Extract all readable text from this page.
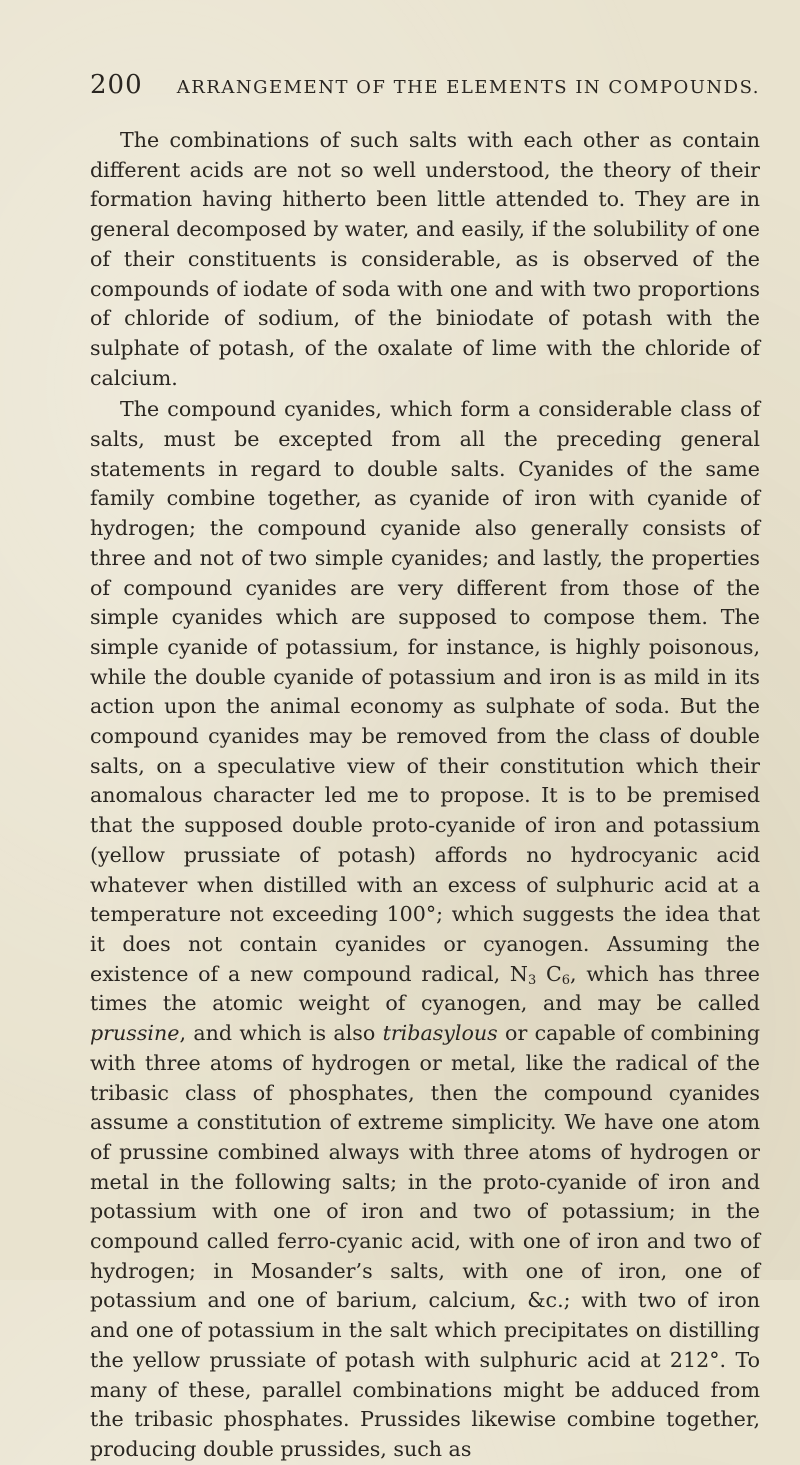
200	ARRANGEMENT OF THE ELEMENTS IN COMPOUNDS.

The combinations of such salts with each other as contain different acids are not so well understood, the theory of their formation having hitherto been little attended to. They are in general decomposed by water, and easily, if the solubility of one of their constituents is considerable, as is observed of the compounds of iodate of soda with one and with two proportions of chloride of sodium, of the biniodate of potash with the sulphate of potash, of the oxalate of lime with the chloride of calcium.

The compound cyanides, which form a considerable class of salts, must be excepted from all the preceding general statements in regard to double salts. Cyanides of the same family combine together, as cyanide of iron with cyanide of hydrogen; the compound cyanide also generally consists of three and not of two simple cyanides; and lastly, the properties of compound cyanides are very different from those of the simple cyanides which are supposed to compose them. The simple cyanide of potassium, for instance, is highly poisonous, while the double cyanide of potassium and iron is as mild in its action upon the animal economy as sulphate of soda. But the compound cyanides may be removed from the class of double salts, on a speculative view of their constitution which their anomalous character led me to propose. It is to be premised that the supposed double proto-cyanide of iron and potassium (yellow prussiate of potash) affords no hydrocyanic acid whatever when distilled with an excess of sulphuric acid at a temperature not exceeding 100°; which suggests the idea that it does not contain cyanides or cyanogen. Assuming the existence of a new compound radical, $N_3$ $C_6$, which has three times the atomic weight of cyanogen, and may be called prussine, and which is also tribasylous or capable of combining with three atoms of hydrogen or metal, like the radical of the tribasic class of phosphates, then the compound cyanides assume a constitution of extreme simplicity. We have one atom of prussine combined always with three atoms of hydrogen or metal in the following salts; in the proto-cyanide of iron and potassium with one of iron and two of potassium; in the compound called ferro-cyanic acid, with one of iron and two of hydrogen; in Mosander’s salts, with one of iron, one of potassium and one of barium, calcium, &c.; with two of iron and one of potassium in the salt which precipitates on distilling the yellow prussiate of potash with sulphuric acid at 212°. To many of these, parallel combinations might be adduced from the tribasic phosphates. Prussides likewise combine together, producing double prussides, such as
